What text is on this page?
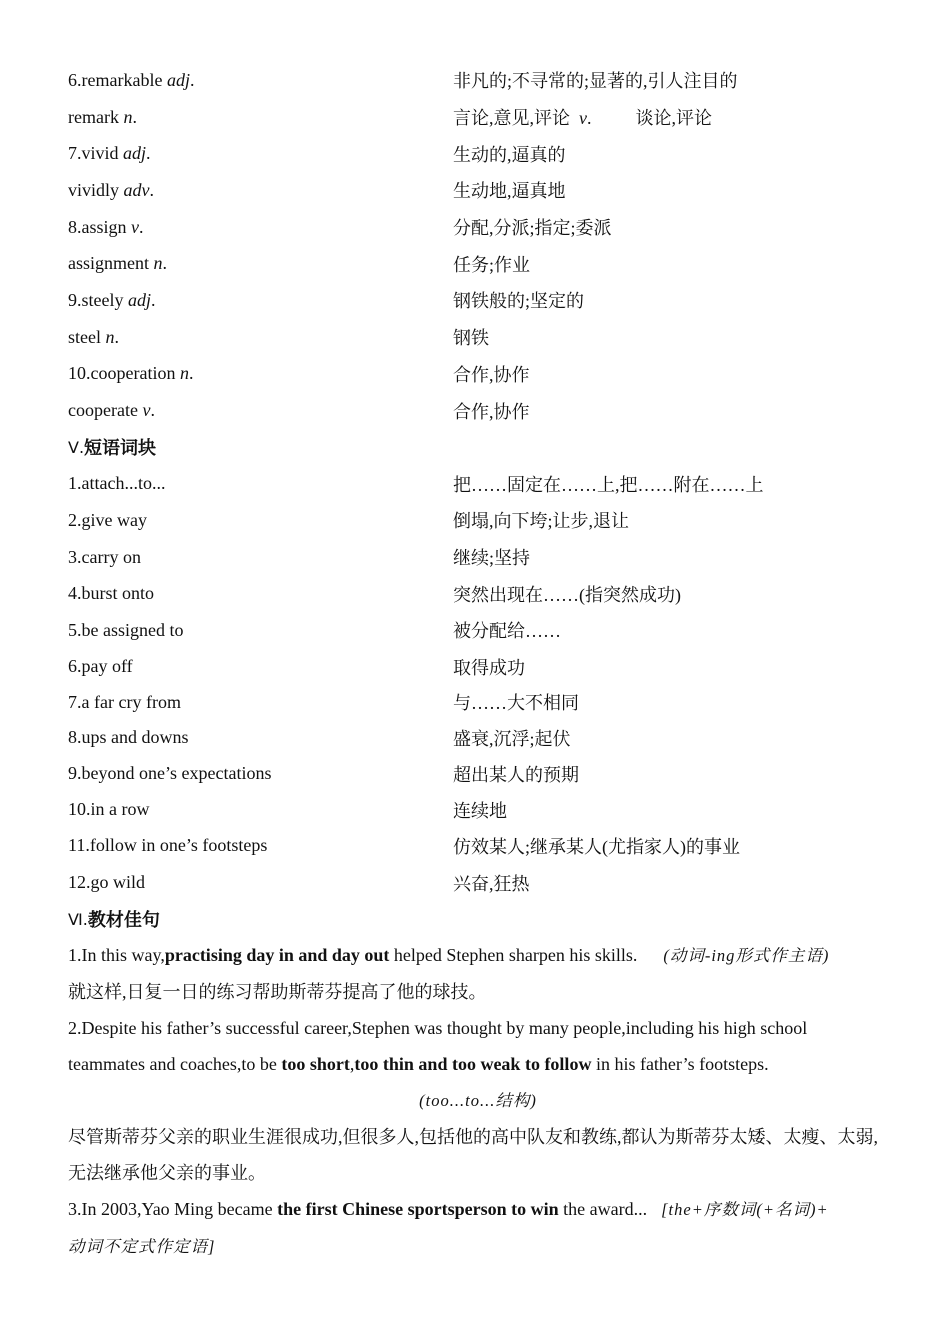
6.remarkable adj.	非凡的;不寻常的;显著的,引人注目的
remark n.	言论,意见,评论 v. 谈论,评论
7.vivid adj.	生动的,逼真的
vividly adv.	生动地,逼真地
8.assign v.	分配,分派;指定;委派
assignment n.	任务;作业
9.steely adj.	钢铁般的;坚定的
steel n.	钢铁
10.cooperation n.	合作,协作
cooperate v.	合作,协作
Ⅴ. 短语词块
1.attach...to...	把……固定在……上,把……附在……上
2.give way	倒塌,向下垮;让步,退让
3.carry on	继续;坚持
4.burst onto	突然出现在……(指突然成功)
5.be assigned to	被分配给……
6.pay off	取得成功
7.a far cry from	与……大不相同
8.ups and downs	盛衰,沉浮;起伏
9.beyond one’s expectations	超出某人的预期
10.in a row	连续地
11.follow in one’s footsteps	仿效某人;继承某人(尤指家人)的事业
12.go wild	兴奋,狂热
Ⅵ. 教材佳句
1.In this way,practising day in and day out helped Stephen sharpen his skills. (动词-ing形式作主语)
就这样,日复一日的练习帮助斯蒂芬提高了他的球技。
2.Despite his father’s successful career,Stephen was thought by many people,including his high school teammates and coaches,to be too short,too thin and too weak to follow in his father’s footsteps.
(too...to...结构)
尽管斯蒂芬父亲的职业生涯很成功,但很多人,包括他的高中队友和教练,都认为斯蒂芬太矮、太瘦、太弱,无法继承他父亲的事业。
3.In 2003,Yao Ming became the first Chinese sportsperson to win the award... [the+序数词(+名词)+
动词不定式作定语]
